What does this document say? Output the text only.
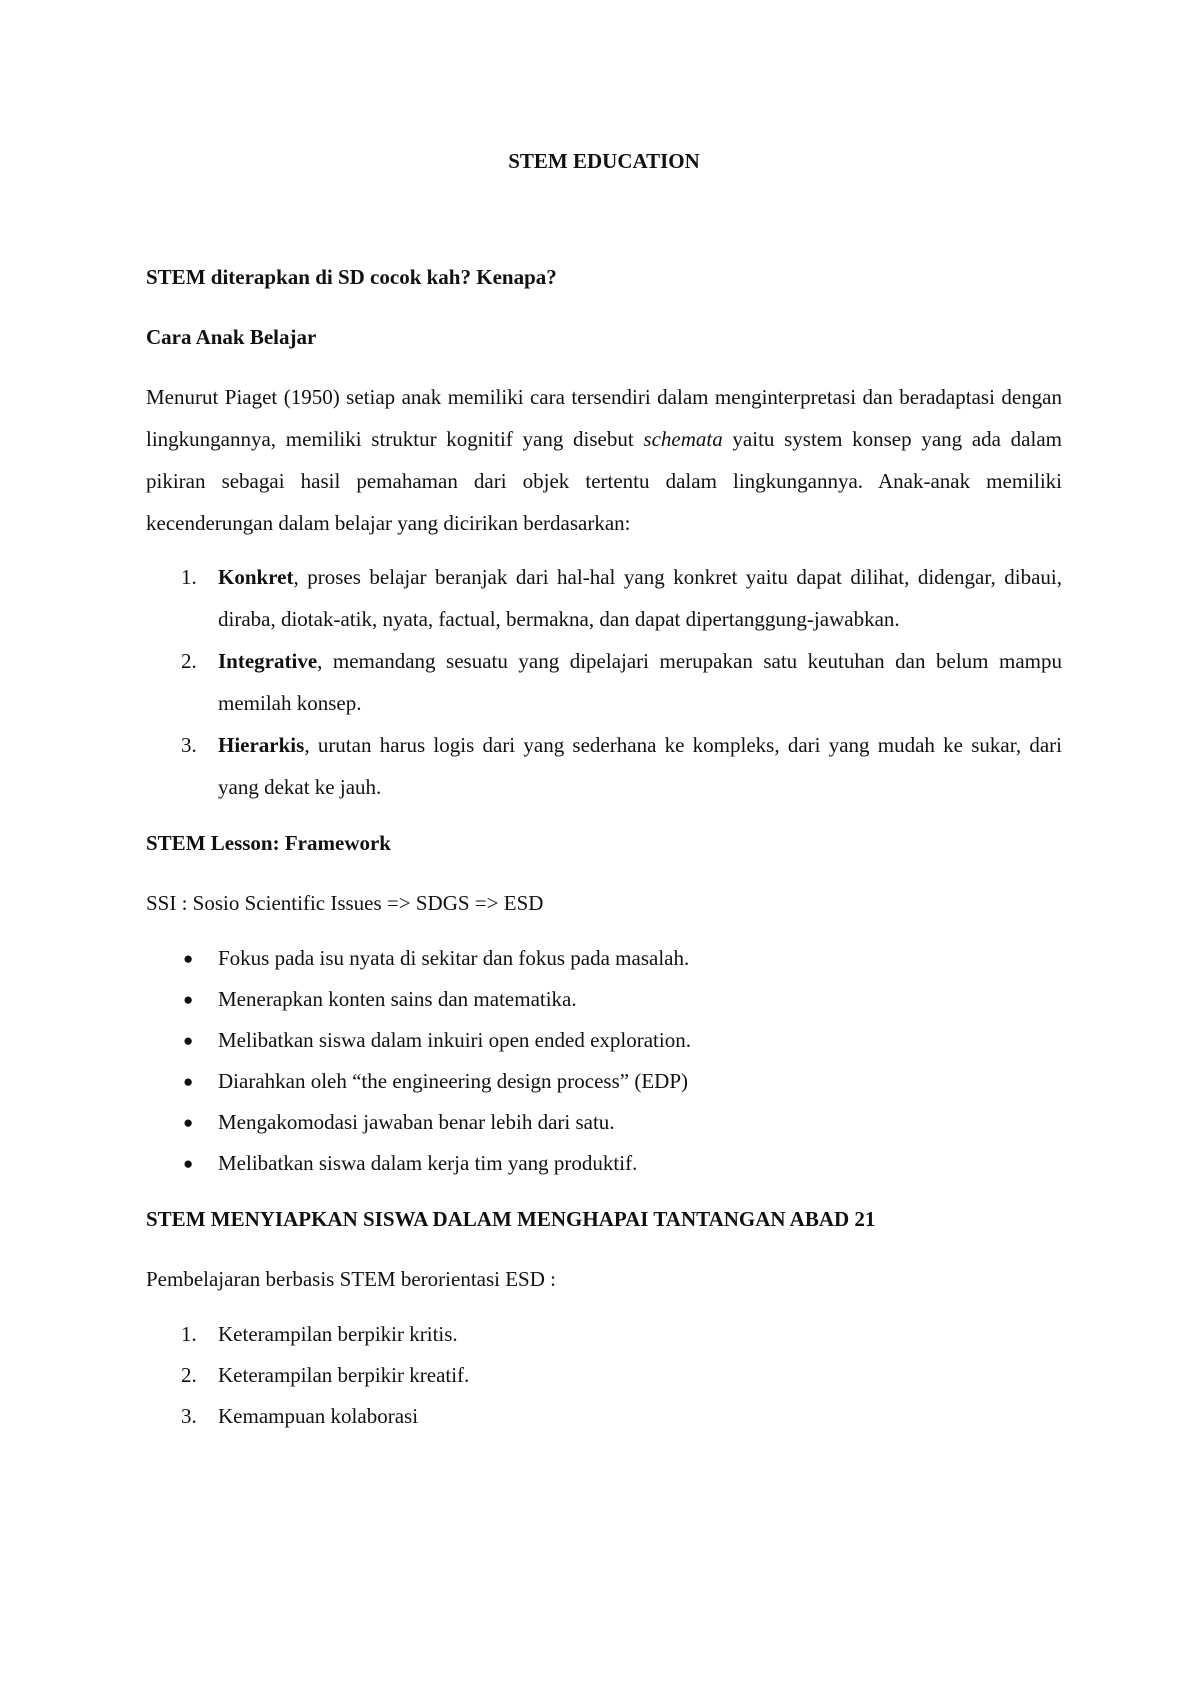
STEM EDUCATION
STEM diterapkan di SD cocok kah? Kenapa?
Cara Anak Belajar

Menurut Piaget (1950) setiap anak memiliki cara tersendiri dalam menginterpretasi dan beradaptasi dengan lingkungannya, memiliki struktur kognitif yang disebut schemata yaitu system konsep yang ada dalam pikiran sebagai hasil pemahaman dari objek tertentu dalam lingkungannya. Anak-anak memiliki kecenderungan dalam belajar yang dicirikan berdasarkan:

1. Konkret, proses belajar beranjak dari hal-hal yang konkret yaitu dapat dilihat, didengar, dibaui, diraba, diotak-atik, nyata, factual, bermakna, dan dapat dipertanggung-jawabkan.
2. Integrative, memandang sesuatu yang dipelajari merupakan satu keutuhan dan belum mampu memilah konsep.
3. Hierarkis, urutan harus logis dari yang sederhana ke kompleks, dari yang mudah ke sukar, dari yang dekat ke jauh.
STEM Lesson: Framework

SSI : Sosio Scientific Issues => SDGS => ESD

● Fokus pada isu nyata di sekitar dan fokus pada masalah.
● Menerapkan konten sains dan matematika.
● Melibatkan siswa dalam inkuiri open ended exploration.
● Diarahkan oleh “the engineering design process” (EDP)
● Mengakomodasi jawaban benar lebih dari satu.
● Melibatkan siswa dalam kerja tim yang produktif.
STEM MENYIAPKAN SISWA DALAM MENGHAPAI TANTANGAN ABAD 21

Pembelajaran berbasis STEM berorientasi ESD :

1. Keterampilan berpikir kritis.
2. Keterampilan berpikir kreatif.
3. Kemampuan kolaborasi
